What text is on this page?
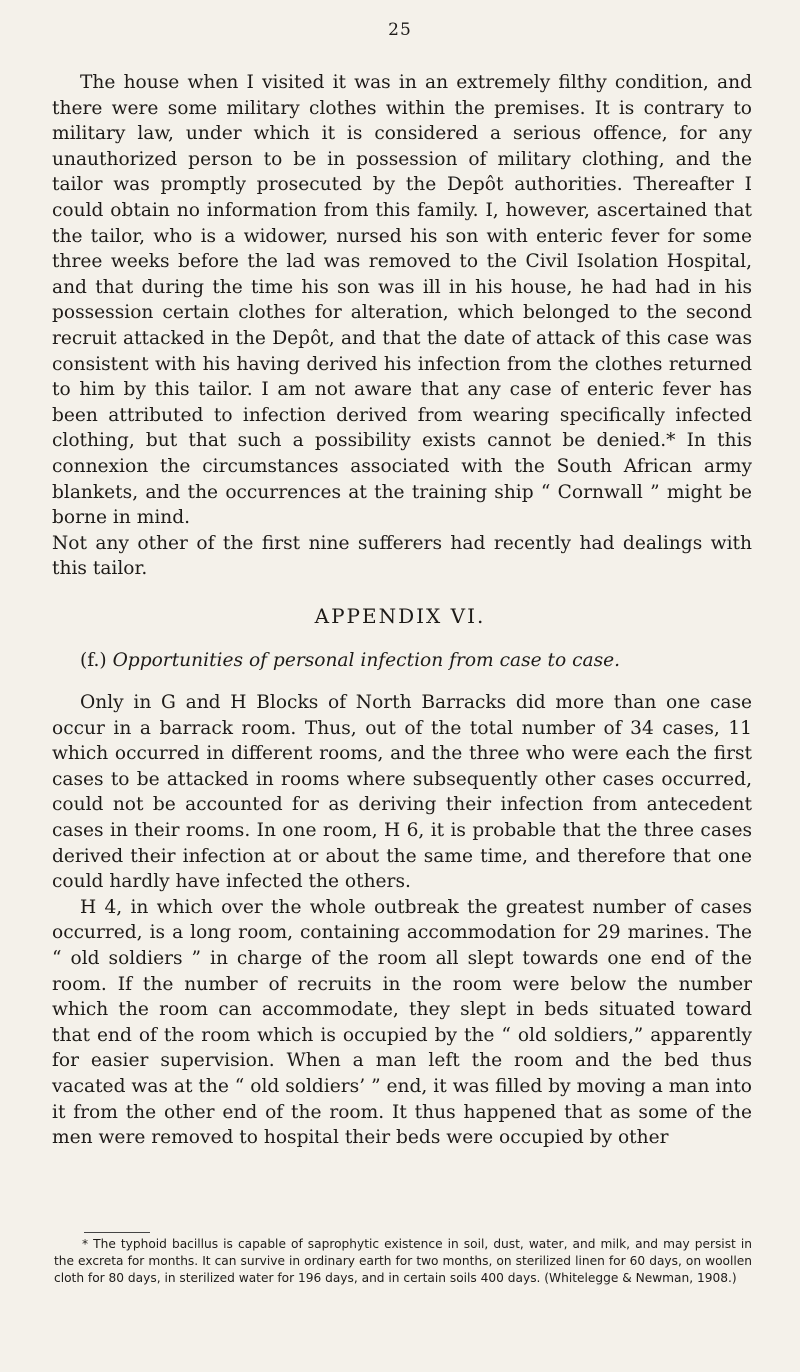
25

The house when I visited it was in an extremely filthy condition, and there were some military clothes within the premises. It is contrary to military law, under which it is considered a serious offence, for any unauthorized person to be in possession of military clothing, and the tailor was promptly prosecuted by the Depôt authorities. Thereafter I could obtain no information from this family. I, however, ascertained that the tailor, who is a widower, nursed his son with enteric fever for some three weeks before the lad was removed to the Civil Isolation Hospital, and that during the time his son was ill in his house, he had had in his possession certain clothes for alteration, which belonged to the second recruit attacked in the Depôt, and that the date of attack of this case was consistent with his having derived his infection from the clothes returned to him by this tailor. I am not aware that any case of enteric fever has been attributed to infection derived from wearing specifically infected clothing, but that such a possibility exists cannot be denied.* In this connexion the circumstances associated with the South African army blankets, and the occurrences at the training ship “ Cornwall ” might be borne in mind.

Not any other of the first nine sufferers had recently had dealings with this tailor.

APPENDIX VI.
(f.) Opportunities of personal infection from case to case.

Only in G and H Blocks of North Barracks did more than one case occur in a barrack room. Thus, out of the total number of 34 cases, 11 which occurred in different rooms, and the three who were each the first cases to be attacked in rooms where subsequently other cases occurred, could not be accounted for as deriving their infection from antecedent cases in their rooms. In one room, H 6, it is probable that the three cases derived their infection at or about the same time, and therefore that one could hardly have infected the others.

H 4, in which over the whole outbreak the greatest number of cases occurred, is a long room, containing accommodation for 29 marines. The “ old soldiers ” in charge of the room all slept towards one end of the room. If the number of recruits in the room were below the number which the room can accommodate, they slept in beds situated toward that end of the room which is occupied by the “ old soldiers,” apparently for easier supervision. When a man left the room and the bed thus vacated was at the “ old soldiers’ ” end, it was filled by moving a man into it from the other end of the room. It thus happened that as some of the men were removed to hospital their beds were occupied by other

* The typhoid bacillus is capable of saprophytic existence in soil, dust, water, and milk, and may persist in the excreta for months. It can survive in ordinary earth for two months, on sterilized linen for 60 days, on woollen cloth for 80 days, in sterilized water for 196 days, and in certain soils 400 days. (Whitelegge & Newman, 1908.)
